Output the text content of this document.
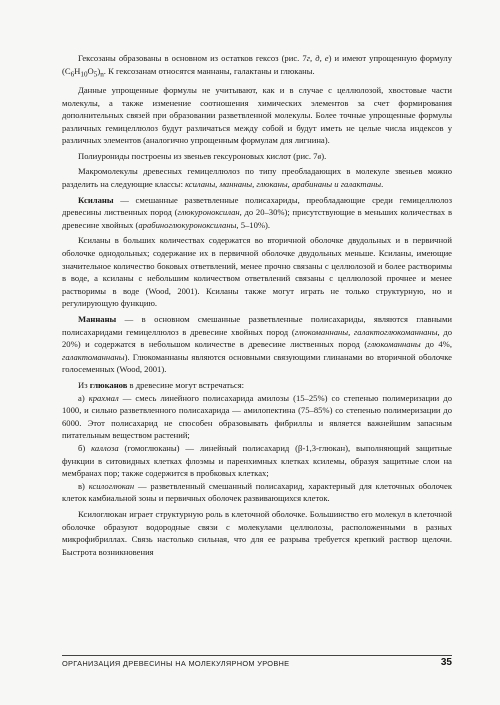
Гексозаны образованы в основном из остатков гексоз (рис. 7г, д, е) и имеют упрощенную формулу $(C_6H_{10}O_5)_n$. К гексозанам относятся маннаны, галактаны и глюканы.

Данные упрощенные формулы не учитывают, как и в случае с целлюлозой, хвостовые части молекулы, а также изменение соотношения химических элементов за счет формирования дополнительных связей при образовании разветвленной молекулы. Более точные упрощенные формулы различных гемицеллюлоз будут различаться между собой и будут иметь не целые числа индексов у различных элементов (аналогично упрощенным формулам для лигнина).

Полиурониды построены из звеньев гексуроновых кислот (рис. 7в).

Макромолекулы древесных гемицеллюлоз по типу преобладающих в молекуле звеньев можно разделить на следующие классы: ксиланы, маннаны, глюканы, арабинаны и галактаны.

Ксиланы — смешанные разветвленные полисахариды, преобладающие среди гемицеллюлоз древесины лиственных пород (глюкуроноксилан, до 20–30%); присутствующие в меньших количествах в древесине хвойных (арабиноглюкуроноксиланы, 5–10%).

Ксиланы в больших количествах содержатся во вторичной оболочке двудольных и в первичной оболочке однодольных; содержание их в первичной оболочке двудольных меньше. Ксиланы, имеющие значительное количество боковых ответвлений, менее прочно связаны с целлюлозой и более растворимы в воде, а ксиланы с небольшим количеством ответвлений связаны с целлюлозой прочнее и менее растворимы в воде (Wood, 2001). Ксиланы также могут играть не только структурную, но и регулирующую функцию.

Маннаны — в основном смешанные разветвленные полисахариды, являются главными полисахаридами гемицеллюлоз в древесине хвойных пород (глюкоманнаны, галактоглюкоманнаны, до 20%) и содержатся в небольшом количестве в древесине лиственных пород (глюкоманнаны до 4%, галактоманнаны). Глюкоманнаны являются основными связующими глинанами во вторичной оболочке голосеменных (Wood, 2001).

Из глюканов в древесине могут встречаться:

а) крахмал — смесь линейного полисахарида амилозы (15–25%) со степенью полимеризации до 1000, и сильно разветвленного полисахарида — амилопектина (75–85%) со степенью полимеризации до 6000. Этот полисахарид не способен образовывать фибриллы и является важнейшим запасным питательным веществом растений;

б) каллоза (гомоглюканы) — линейный полисахарид (β-1,3-глюкан), выполняющий защитные функции в ситовидных клетках флоэмы и паренхимных клетках ксилемы, образуя защитные слои на мембранах пор; также содержится в пробковых клетках;

в) ксилоглюкан — разветвленный смешанный полисахарид, характерный для клеточных оболочек клеток камбиальной зоны и первичных оболочек развивающихся клеток.

Ксилоглюкан играет структурную роль в клеточной оболочке. Большинство его молекул в клеточной оболочке образуют водородные связи с молекулами целлюлозы, расположенными в разных микрофибриллах. Связь настолько сильная, что для ее разрыва требуется крепкий раствор щелочи. Быстрота возникновения

ОРГАНИЗАЦИЯ ДРЕВЕСИНЫ НА МОЛЕКУЛЯРНОМ УРОВНЕ	35
